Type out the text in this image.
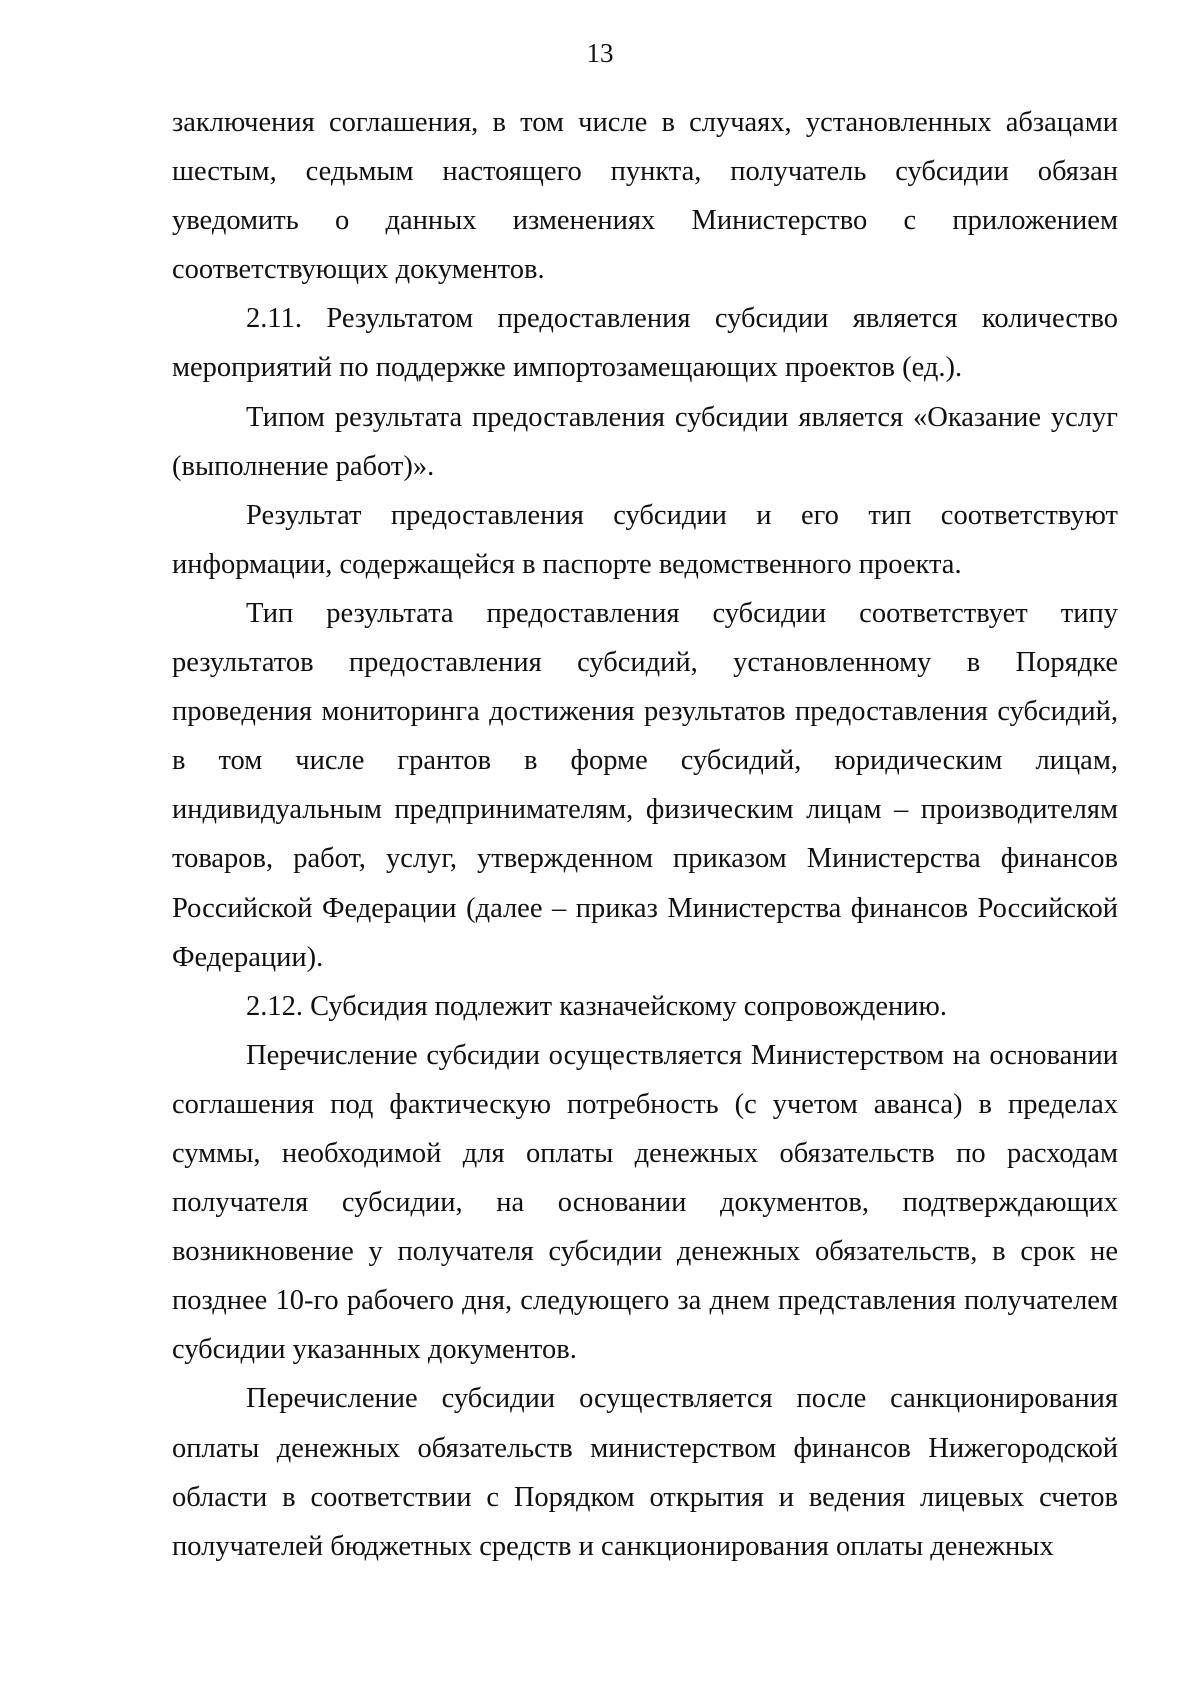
13

заключения соглашения, в том числе в случаях, установленных абзацами шестым, седьмым настоящего пункта, получатель субсидии обязан уведомить о данных изменениях Министерство с приложением соответствующих документов.

2.11. Результатом предоставления субсидии является количество мероприятий по поддержке импортозамещающих проектов (ед.).

Типом результата предоставления субсидии является «Оказание услуг (выполнение работ)».

Результат предоставления субсидии и его тип соответствуют информации, содержащейся в паспорте ведомственного проекта.

Тип результата предоставления субсидии соответствует типу результатов предоставления субсидий, установленному в Порядке проведения мониторинга достижения результатов предоставления субсидий, в том числе грантов в форме субсидий, юридическим лицам, индивидуальным предпринимателям, физическим лицам – производителям товаров, работ, услуг, утвержденном приказом Министерства финансов Российской Федерации (далее – приказ Министерства финансов Российской Федерации).

2.12. Субсидия подлежит казначейскому сопровождению.

Перечисление субсидии осуществляется Министерством на основании соглашения под фактическую потребность (с учетом аванса) в пределах суммы, необходимой для оплаты денежных обязательств по расходам получателя субсидии, на основании документов, подтверждающих возникновение у получателя субсидии денежных обязательств, в срок не позднее 10-го рабочего дня, следующего за днем представления получателем субсидии указанных документов.

Перечисление субсидии осуществляется после санкционирования оплаты денежных обязательств министерством финансов Нижегородской области в соответствии с Порядком открытия и ведения лицевых счетов получателей бюджетных средств и санкционирования оплаты денежных
